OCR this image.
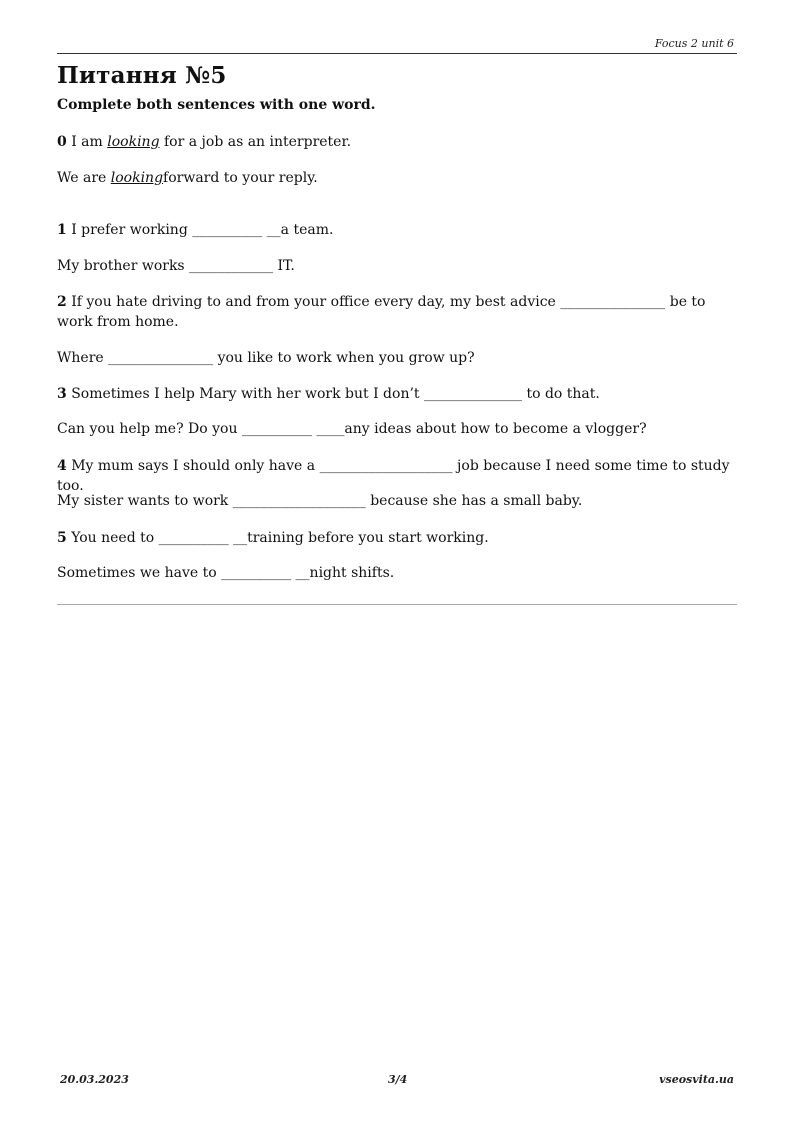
Focus 2 unit 6
Питання №5
Complete both sentences with one word.
0 I am looking for a job as an interpreter.
We are lookingforward to your reply.
1 I prefer working __________ __a team.
My brother works ____________ IT.
2 If you hate driving to and from your office every day, my best advice _______________ be to work from home.
Where _______________ you like to work when you grow up?
3 Sometimes I help Mary with her work but I don’t ______________ to do that.
Can you help me? Do you __________ ____any ideas about how to become a vlogger?
4 My mum says I should only have a ___________________ job because I need some time to study too.
My sister wants to work ___________________ because she has a small baby.
5 You need to __________ __training before you start working.
Sometimes we have to __________ __night shifts.
20.03.2023	3/4	vseosvita.ua
